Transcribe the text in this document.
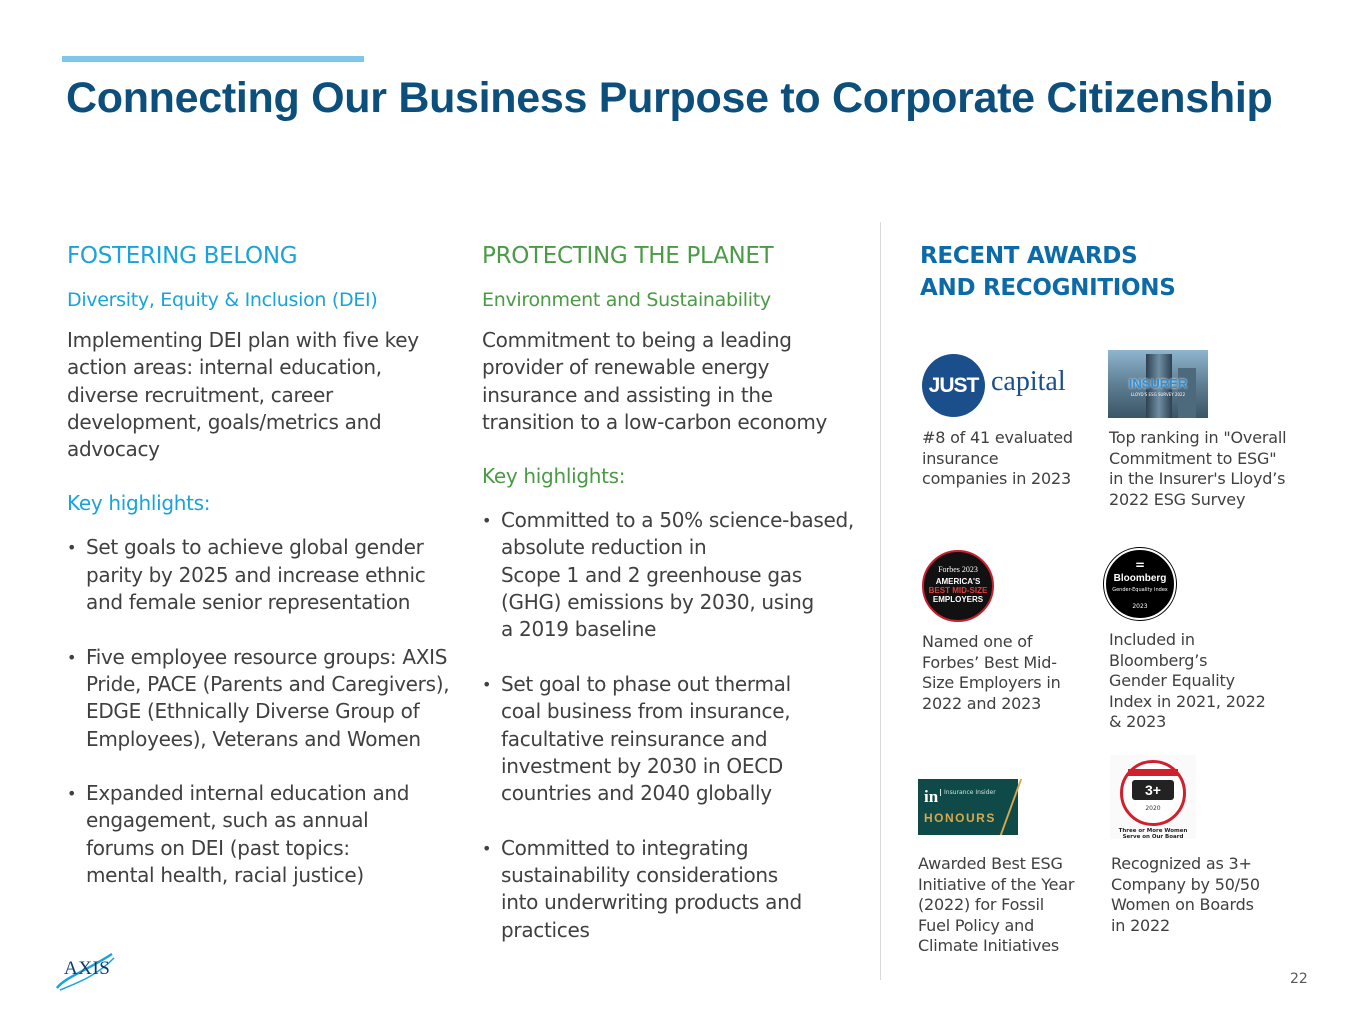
Connecting Our Business Purpose to Corporate Citizenship
FOSTERING BELONG
Diversity, Equity & Inclusion (DEI)
Implementing DEI plan with five key
action areas: internal education,
diverse recruitment, career
development, goals/metrics and
advocacy
Key highlights:
• Set goals to achieve global gender
parity by 2025 and increase ethnic
and female senior representation
• Five employee resource groups: AXIS
Pride, PACE (Parents and Caregivers),
EDGE (Ethnically Diverse Group of
Employees), Veterans and Women
• Expanded internal education and
engagement, such as annual
forums on DEI (past topics:
mental health, racial justice)
PROTECTING THE PLANET
Environment and Sustainability
Commitment to being a leading
provider of renewable energy
insurance and assisting in the
transition to a low-carbon economy
Key highlights:
• Committed to a 50% science-based,
absolute reduction in
Scope 1 and 2 greenhouse gas
(GHG) emissions by 2030, using
a 2019 baseline
• Set goal to phase out thermal
coal business from insurance,
facultative reinsurance and
investment by 2030 in OECD
countries and 2040 globally
• Committed to integrating
sustainability considerations
into underwriting products and
practices
RECENT AWARDS
AND RECOGNITIONS
JUST capital
#8 of 41 evaluated
insurance
companies in 2023
INSURER
LLOYD'S ESG SURVEY 2022
Top ranking in "Overall
Commitment to ESG"
in the Insurer's Lloyd’s
2022 ESG Survey
Forbes 2023
AMERICA'S
BEST MID-SIZE
EMPLOYERS
Named one of
Forbes’ Best Mid-
Size Employers in
2022 and 2023
=
Bloomberg
Gender-Equality Index
2023
Included in
Bloomberg’s
Gender Equality
Index in 2021, 2022
& 2023
in Insurance Insider
HONOURS
Awarded Best ESG
Initiative of the Year
(2022) for Fossil
Fuel Policy and
Climate Initiatives
3+
2020
Three or More Women Serve on Our Board
Recognized as 3+
Company by 50/50
Women on Boards
in 2022
AXIS	22
